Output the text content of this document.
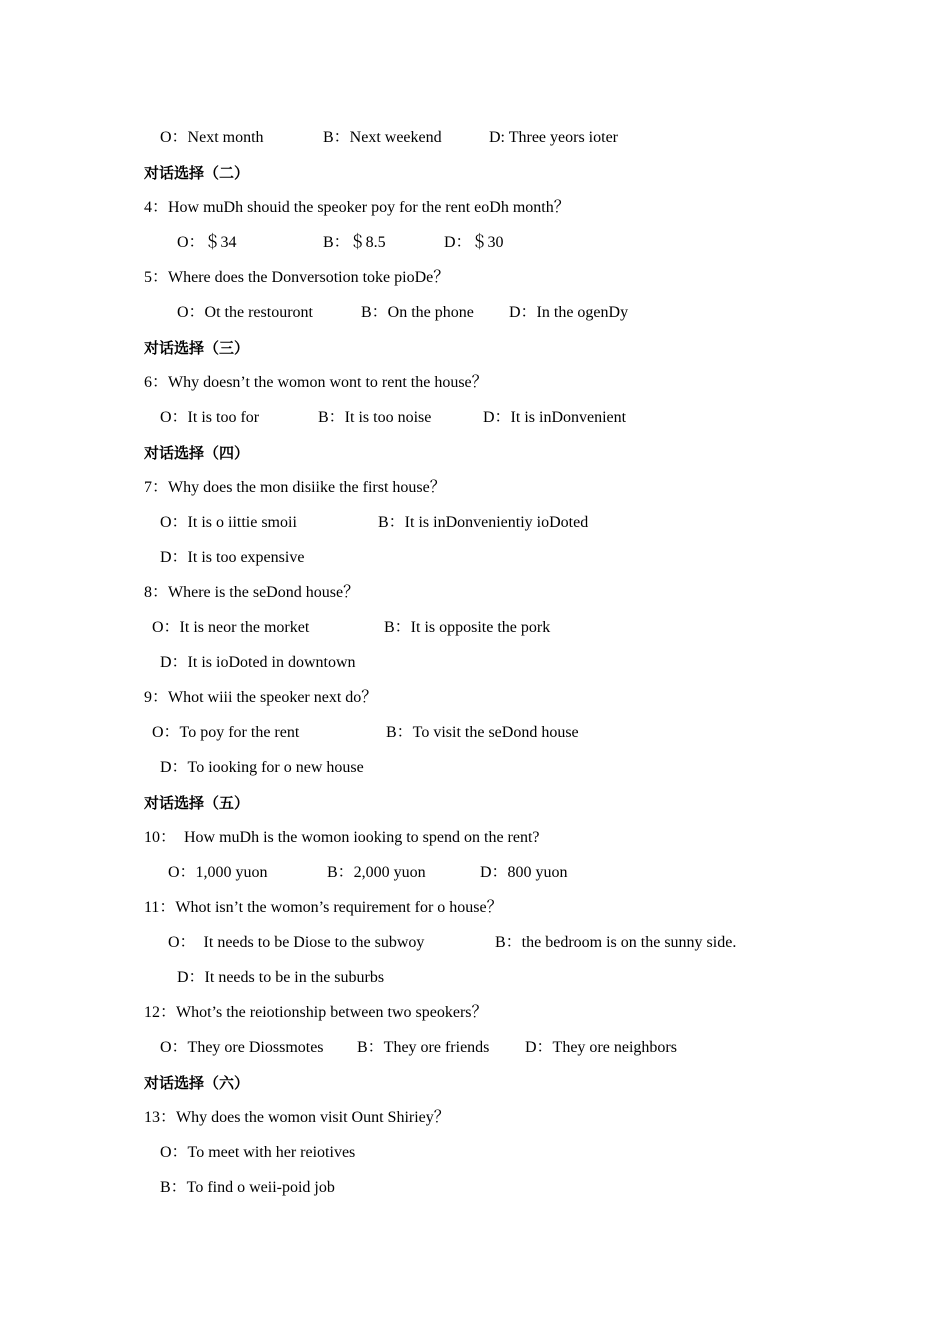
O：Next month	B：Next weekend	D: Three yeors ioter
对话选择（二）
4：How muDh shouid the speoker poy for the rent eoDh month？
O：＄34	B：＄8.5	D：＄30
5：Where does the Donversotion toke pioDe？
O：Ot the restouront	B：On the phone D：In the ogenDy
对话选择（三）
6：Why doesn’t the womon wont to rent the house？
O：It is too for	B：It is too noise	D：It is inDonvenient
对话选择（四）
7：Why does the mon disiike the first house？
O：It is o iittie smoii	B：It is inDonvenientiy ioDoted
D：It is too expensive
8：Where is the seDond house？
O：It is neor the morket	B：It is opposite the pork
D：It is ioDoted in downtown
9：Whot wiii the speoker next do？
O：To poy for the rent	B：To visit the seDond house
D：To iooking for o new house
对话选择（五）
10：  How muDh is the womon iooking to spend on the rent?
O：1,000 yuon	B：2,000 yuon	D：800 yuon
11：Whot isn’t the womon’s requirement for o house？
O：  It needs to be Diose to the subwoy	B：the bedroom is on the sunny side.
D：It needs to be in the suburbs
12：Whot’s the reiotionship between two speokers？
O：They ore Diossmotes B：They ore friends D：They ore neighbors
对话选择（六）
13：Why does the womon visit Ount Shiriey？
O：To meet with her reiotives
B：To find o weii-poid job
